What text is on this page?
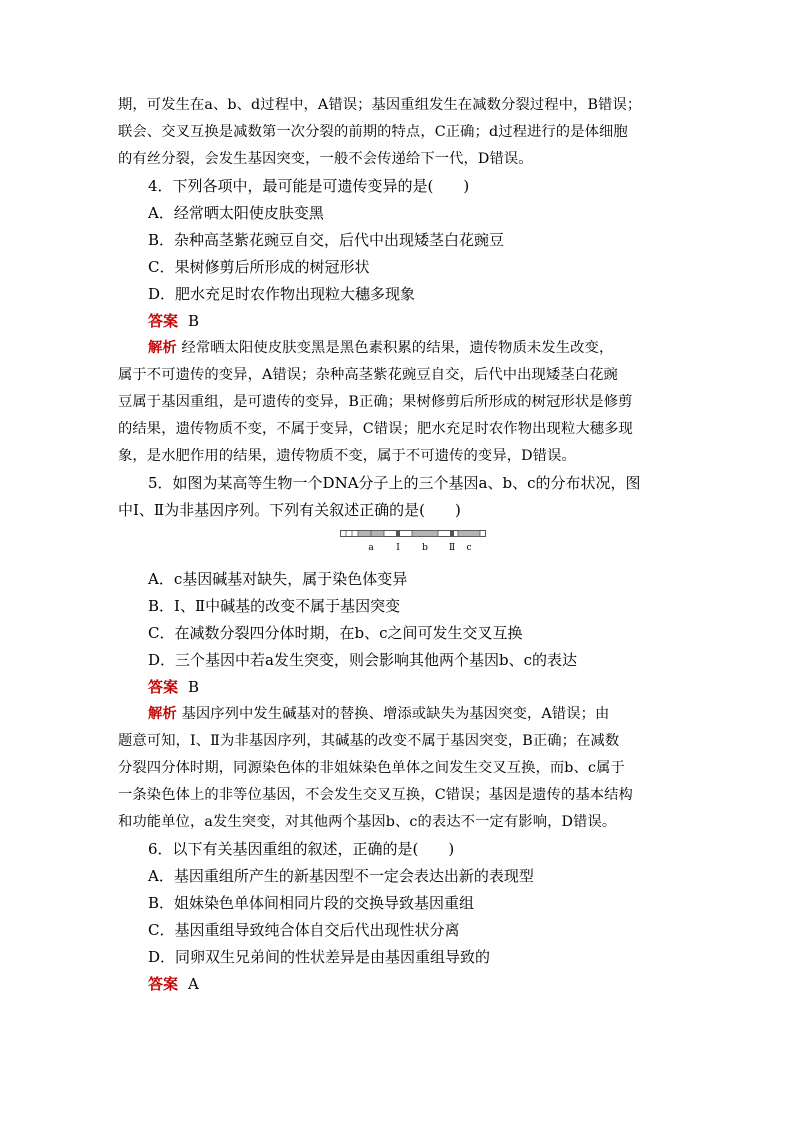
期，可发生在a、b、d过程中，A错误；基因重组发生在减数分裂过程中，B错误；

联会、交叉互换是减数第一次分裂的前期的特点，C正确；d过程进行的是体细胞

的有丝分裂，会发生基因突变，一般不会传递给下一代，D错误。

4．下列各项中，最可能是可遗传变异的是(　　)

A．经常晒太阳使皮肤变黑

B．杂种高茎紫花豌豆自交，后代中出现矮茎白花豌豆

C．果树修剪后所形成的树冠形状

D．肥水充足时农作物出现粒大穗多现象

答案 B

解析 经常晒太阳使皮肤变黑是黑色素积累的结果，遗传物质未发生改变，

属于不可遗传的变异，A错误；杂种高茎紫花豌豆自交，后代中出现矮茎白花豌

豆属于基因重组，是可遗传的变异，B正确；果树修剪后所形成的树冠形状是修剪

的结果，遗传物质不变，不属于变异，C错误；肥水充足时农作物出现粒大穗多现

象，是水肥作用的结果，遗传物质不变，属于不可遗传的变异，D错误。

5．如图为某高等生物一个DNA分子上的三个基因a、b、c的分布状况，图

中Ⅰ、Ⅱ为非基因序列。下列有关叙述正确的是(　　)

a	Ⅰ b Ⅱ c

A．c基因碱基对缺失，属于染色体变异

B．Ⅰ、Ⅱ中碱基的改变不属于基因突变

C．在减数分裂四分体时期，在b、c之间可发生交叉互换

D．三个基因中若a发生突变，则会影响其他两个基因b、c的表达

答案 B

解析 基因序列中发生碱基对的替换、增添或缺失为基因突变，A错误；由

题意可知，Ⅰ、Ⅱ为非基因序列，其碱基的改变不属于基因突变，B正确；在减数

分裂四分体时期，同源染色体的非姐妹染色单体之间发生交叉互换，而b、c属于

一条染色体上的非等位基因，不会发生交叉互换，C错误；基因是遗传的基本结构

和功能单位，a发生突变，对其他两个基因b、c的表达不一定有影响，D错误。

6．以下有关基因重组的叙述，正确的是(　　)

A．基因重组所产生的新基因型不一定会表达出新的表现型

B．姐妹染色单体间相同片段的交换导致基因重组

C．基因重组导致纯合体自交后代出现性状分离

D．同卵双生兄弟间的性状差异是由基因重组导致的

答案 A
